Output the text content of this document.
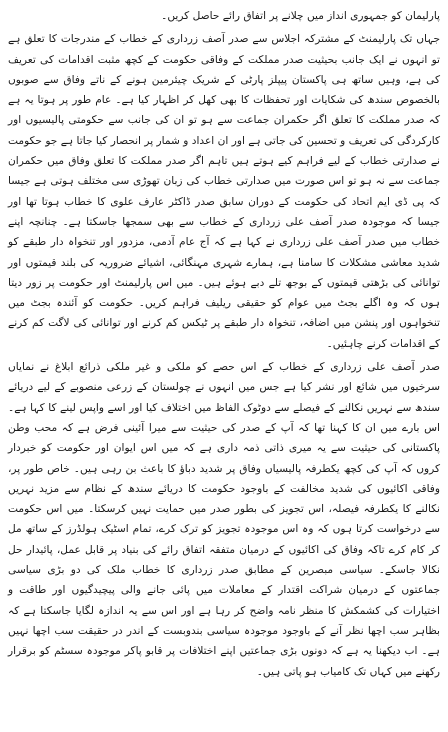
پارلیمان کو جمہوری انداز میں چلانے پر اتفاق رائے حاصل کریں۔

جہاں تک پارلیمنٹ کے مشترکہ اجلاس سے صدر آصف زرداری کے خطاب کے مندرجات کا تعلق ہے تو انہوں نے ایک جانب بحیثیت صدر مملکت کے وفاقی حکومت کے کچھ مثبت اقدامات کی تعریف کی ہے، وہیں ساتھ ہی پاکستان پیپلز پارٹی کے شریک چیئرمین ہونے کے ناتے وفاق سے صوبوں بالخصوص سندھ کی شکایات اور تحفظات کا بھی کھل کر اظہار کیا ہے۔ عام طور پر ہوتا یہ ہے کہ صدر مملکت کا تعلق اگر حکمران جماعت سے ہو تو ان کی جانب سے حکومتی پالیسیوں اور کارکردگی کی تعریف و تحسین کی جاتی ہے اور ان اعداد و شمار پر انحصار کیا جاتا ہے جو حکومت نے صدارتی خطاب کے لیے فراہم کیے ہوتے ہیں تاہم اگر صدر مملکت کا تعلق وفاق میں حکمران جماعت سے نہ ہو تو اس صورت میں صدارتی خطاب کی زبان تھوڑی سی مختلف ہوتی ہے جیسا کہ پی ڈی ایم اتحاد کی حکومت کے دوران سابق صدر ڈاکٹر عارف علوی کا خطاب ہوتا تھا اور جیسا کہ موجودہ صدر آصف علی زرداری کے خطاب سے بھی سمجھا جاسکتا ہے۔ چنانچہ اپنے خطاب میں صدر آصف علی زرداری نے کہا ہے کہ آج عام آدمی، مزدور اور تنخواہ دار طبقے کو شدید معاشی مشکلات کا سامنا ہے، ہمارے شہری مہنگائی، اشیائے ضروریہ کی بلند قیمتوں اور توانائی کی بڑھتی قیمتوں کے بوجھ تلے دبے ہوئے ہیں۔ میں اس پارلیمنٹ اور حکومت پر زور دیتا ہوں کہ وہ اگلے بجٹ میں عوام کو حقیقی ریلیف فراہم کریں۔ حکومت کو آئندہ بجٹ میں تنخواہوں اور پنشن میں اضافہ، تنخواہ دار طبقے پر ٹیکس کم کرنے اور توانائی کی لاگت کم کرنے کے اقدامات کرنے چاہئیں۔

صدر آصف علی زرداری کے خطاب کے اس حصے کو ملکی و غیر ملکی ذرائع ابلاغ نے نمایاں سرخیوں میں شائع اور نشر کیا ہے جس میں انہوں نے چولستان کے زرعی منصوبے کے لیے دریائے سندھ سے نہریں نکالنے کے فیصلے سے دوٹوک الفاظ میں اختلاف کیا اور اسے واپس لینے کا کہا ہے۔ اس بارے میں ان کا کہنا تھا کہ آپ کے صدر کی حیثیت سے میرا آئینی فرض ہے کہ محب وطن پاکستانی کی حیثیت سے یہ میری ذاتی ذمہ داری ہے کہ میں اس ایوان اور حکومت کو خبردار کروں کہ آپ کی کچھ یکطرفہ پالیسیاں وفاق پر شدید دباؤ کا باعث بن رہی ہیں۔ خاص طور پر، وفاقی اکائیوں کی شدید مخالفت کے باوجود حکومت کا دریائے سندھ کے نظام سے مزید نہریں نکالنے کا یکطرفہ فیصلہ، اس تجویز کی بطور صدر میں حمایت نہیں کرسکتا۔ میں اس حکومت سے درخواست کرتا ہوں کہ وہ اس موجودہ تجویز کو ترک کرے، تمام اسٹیک ہولڈرز کے ساتھ مل کر کام کرے تاکہ وفاق کی اکائیوں کے درمیان متفقہ اتفاق رائے کی بنیاد پر قابل عمل، پائیدار حل نکالا جاسکے۔ سیاسی مبصرین کے مطابق صدر زرداری کا خطاب ملک کی دو بڑی سیاسی جماعتوں کے درمیان شراکت اقتدار کے معاملات میں پائی جانے والی پیچیدگیوں اور طاقت و اختیارات کی کشمکش کا منظر نامہ واضح کر رہا ہے اور اس سے یہ اندازہ لگایا جاسکتا ہے کہ بظاہر سب اچھا نظر آنے کے باوجود موجودہ سیاسی بندوبست کے اندر در حقیقت سب اچھا نہیں ہے۔ اب دیکھنا یہ ہے کہ دونوں بڑی جماعتیں اپنے اختلافات پر قابو پاکر موجودہ سسٹم کو برقرار رکھنے میں کہاں تک کامیاب ہو پاتی ہیں۔
